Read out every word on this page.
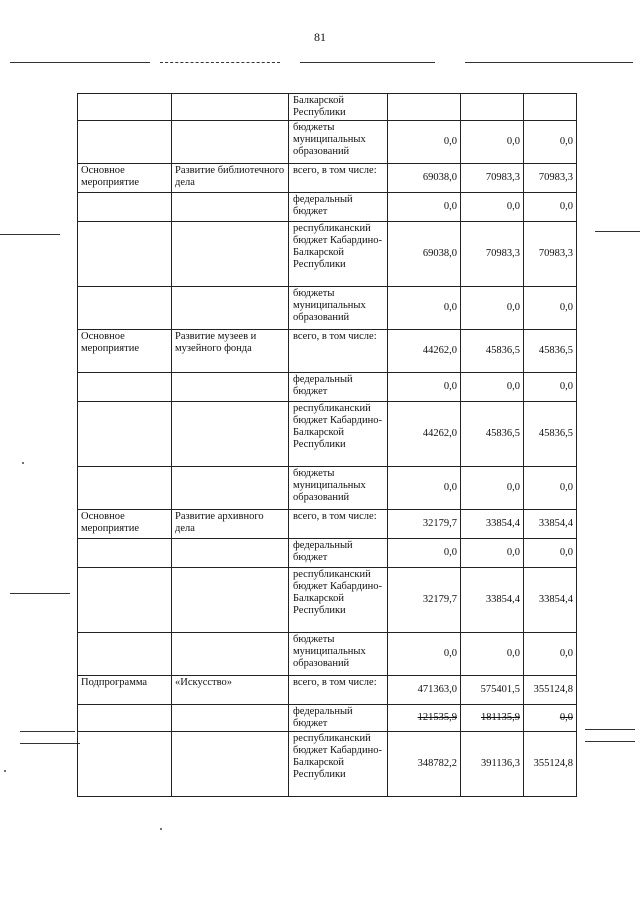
81
		Балкарской Республики			
		бюджеты муниципальных образований	0,0	0,0	0,0
Основное мероприятие	Развитие библиотечного дела	всего, в том числе:	69038,0	70983,3	70983,3
		федеральный бюджет	0,0	0,0	0,0
		республиканский бюджет Кабардино-Балкарской Республики	69038,0	70983,3	70983,3
		бюджеты муниципальных образований	0,0	0,0	0,0
Основное мероприятие	Развитие музеев и музейного фонда	всего, в том числе:	44262,0	45836,5	45836,5
		федеральный бюджет	0,0	0,0	0,0
		республиканский бюджет Кабардино-Балкарской Республики	44262,0	45836,5	45836,5
		бюджеты муниципальных образований	0,0	0,0	0,0
Основное мероприятие	Развитие архивного дела	всего, в том числе:	32179,7	33854,4	33854,4
		федеральный бюджет	0,0	0,0	0,0
		республиканский бюджет Кабардино-Балкарской Республики	32179,7	33854,4	33854,4
		бюджеты муниципальных образований	0,0	0,0	0,0
Подпрограмма	«Искусство»	всего, в том числе:	471363,0	575401,5	355124,8
		федеральный бюджет	121535,9	181135,9	0,0
		республиканский бюджет Кабардино-Балкарской Республики	348782,2	391136,3	355124,8
